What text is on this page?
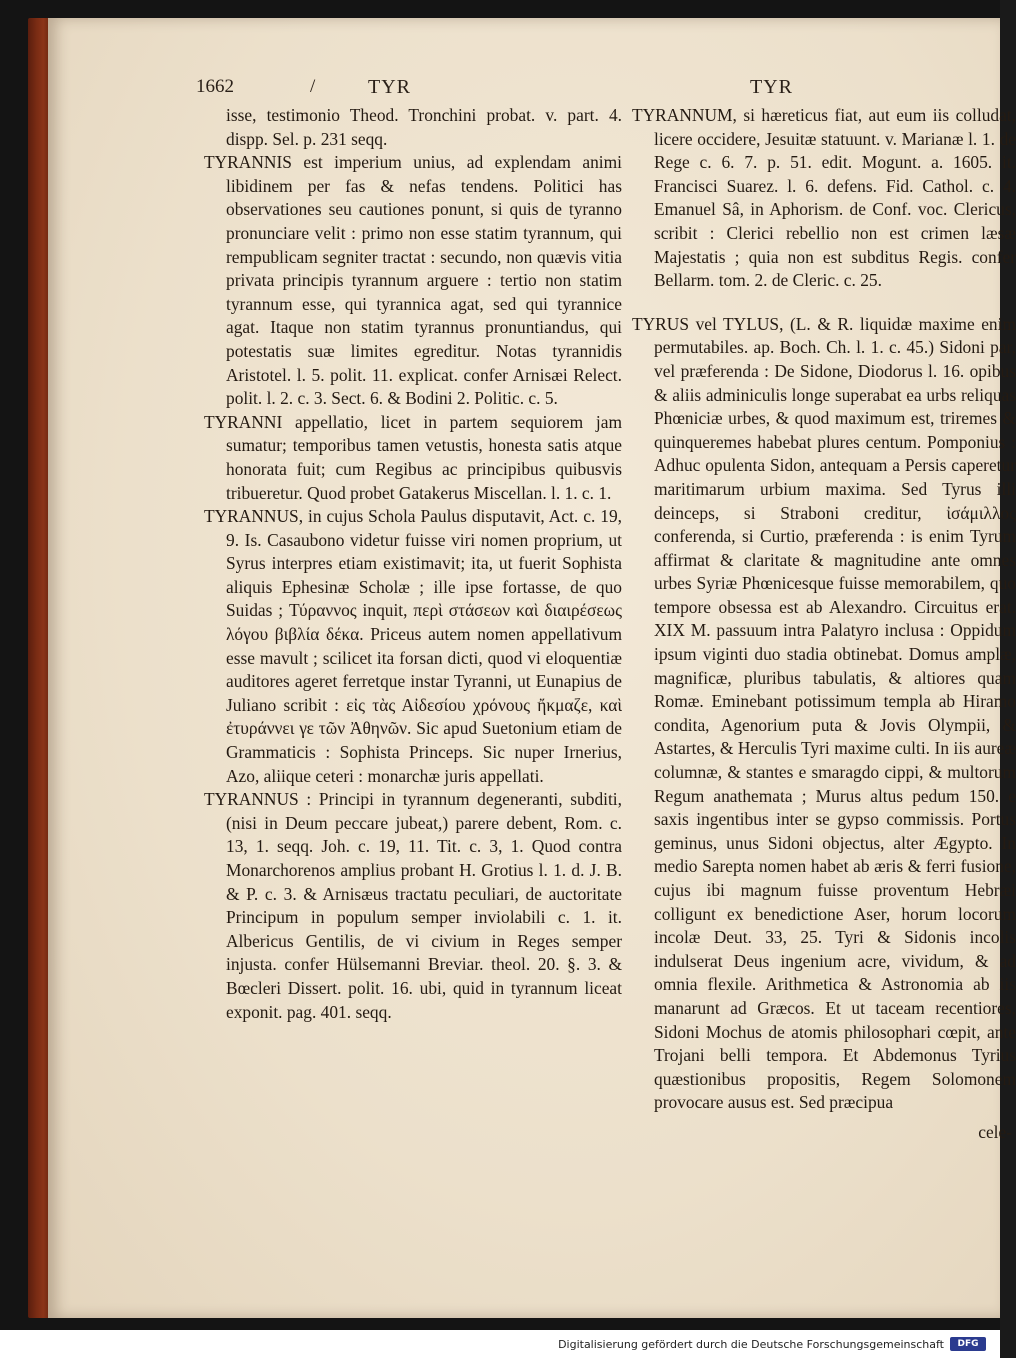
1662	/	TYR	TYR

isse, testimonio Theod. Tronchini probat. v. part. 4. dispp. Sel. p. 231 seqq.

TYRANNIS est imperium unius, ad explendam animi libidinem per fas & nefas tendens. Politici has observationes seu cautiones ponunt, si quis de tyranno pronunciare velit : primo non esse statim tyrannum, qui rempublicam segniter tractat : secundo, non quævis vitia privata principis tyrannum arguere : tertio non statim tyrannum esse, qui tyrannica agat, sed qui tyrannice agat. Itaque non statim tyrannus pronuntiandus, qui potestatis suæ limites egreditur. Notas tyrannidis Aristotel. l. 5. polit. 11. explicat. confer Arnisæi Relect. polit. l. 2. c. 3. Sect. 6. & Bodini 2. Politic. c. 5.

TYRANNI appellatio, licet in partem sequiorem jam sumatur; temporibus tamen vetustis, honesta satis atque honorata fuit; cum Regibus ac principibus quibusvis tribueretur. Quod probet Gatakerus Miscellan. l. 1. c. 1.

TYRANNUS, in cujus Schola Paulus disputavit, Act. c. 19, 9. Is. Casaubono videtur fuisse viri nomen proprium, ut Syrus interpres etiam existimavit; ita, ut fuerit Sophista aliquis Ephesinæ Scholæ ; ille ipse fortasse, de quo Suidas ; Τύραννος inquit, περὶ στάσεων καὶ διαιρέσεως λόγου βιβλία δέκα. Priceus autem nomen appellativum esse mavult ; scilicet ita forsan dicti, quod vi eloquentiæ auditores ageret ferretque instar Tyranni, ut Eunapius de Juliano scribit : εἰς τὰς Αἰδεσίου χρόνους ἤκμαζε, καὶ ἐτυράννει γε τῶν Ἀθηνῶν. Sic apud Suetonium etiam de Grammaticis : Sophista Princeps. Sic nuper Irnerius, Azo, aliique ceteri : monarchæ juris appellati.

TYRANNUS : Principi in tyrannum degeneranti, subditi, (nisi in Deum peccare jubeat,) parere debent, Rom. c. 13, 1. seqq. Joh. c. 19, 11. Tit. c. 3, 1. Quod contra Monarchorenos amplius probant H. Grotius l. 1. d. J. B. & P. c. 3. & Arnisæus tractatu peculiari, de auctoritate Principum in populum semper inviolabili c. 1. it. Albericus Gentilis, de vi civium in Reges semper injusta. confer Hülsemanni Breviar. theol. 20. §. 3. & Bœcleri Dissert. polit. 16. ubi, quid in tyrannum liceat exponit. pag. 401. seqq.

TYRANNUM, si hæreticus fiat, aut eum iis colludat, licere occidere, Jesuitæ statuunt. v. Marianæ l. 1. de Rege c. 6. 7. p. 51. edit. Mogunt. a. 1605. it. Francisci Suarez. l. 6. defens. Fid. Cathol. c. 4. Emanuel Sâ, in Aphorism. de Conf. voc. Clericus, scribit : Clerici rebellio non est crimen læsæ Majestatis ; quia non est subditus Regis. confer Bellarm. tom. 2. de Cleric. c. 25.

TYRUS vel TYLUS, (L. & R. liquidæ maxime enim permutabiles. ap. Boch. Ch. l. 1. c. 45.) Sidoni par, vel præferenda : De Sidone, Diodorus l. 16. opibus & aliis adminiculis longe superabat ea urbs reliquas Phœniciæ urbes, & quod maximum est, triremes & quinqueremes habebat plures centum. Pomponius : Adhuc opulenta Sidon, antequam a Persis caperetur maritimarum urbium maxima. Sed Tyrus illi deinceps, si Straboni creditur, ἰσάμιλλος conferenda, si Curtio, præferenda : is enim Tyrum affirmat & claritate & magnitudine ante omnes urbes Syriæ Phœnicesque fuisse memorabilem, quo tempore obsessa est ab Alexandro. Circuitus erat. XIX M. passuum intra Palatyro inclusa : Oppidum ipsum viginti duo stadia obtinebat. Domus amplæ, magnificæ, pluribus tabulatis, & altiores quam Romæ. Eminebant potissimum templa ab Hiramo condita, Agenorium puta & Jovis Olympii, & Astartes, & Herculis Tyri maxime culti. In iis aureæ columnæ, & stantes e smaragdo cippi, & multorum Regum anathemata ; Murus altus pedum 150. e saxis ingentibus inter se gypso commissis. Portus geminus, unus Sidoni objectus, alter Ægypto. In medio Sarepta nomen habet ab æris & ferri fusione, cujus ibi magnum fuisse proventum Hebræi colligunt ex benedictione Aser, horum locorum incolæ Deut. 33, 25. Tyri & Sidonis incolis indulserat Deus ingenium acre, vividum, & ad omnia flexile. Arithmetica & Astronomia ab iis manarunt ad Græcos. Et ut taceam recentiores, Sidoni Mochus de atomis philosophari cœpit, ante Trojani belli tempora. Et Abdemonus Tyrius quæstionibus propositis, Regem Solomonem provocare ausus est. Sed præcipua

cele-
Digitalisierung gefördert durch die Deutsche Forschungsgemeinschaft	DFG
